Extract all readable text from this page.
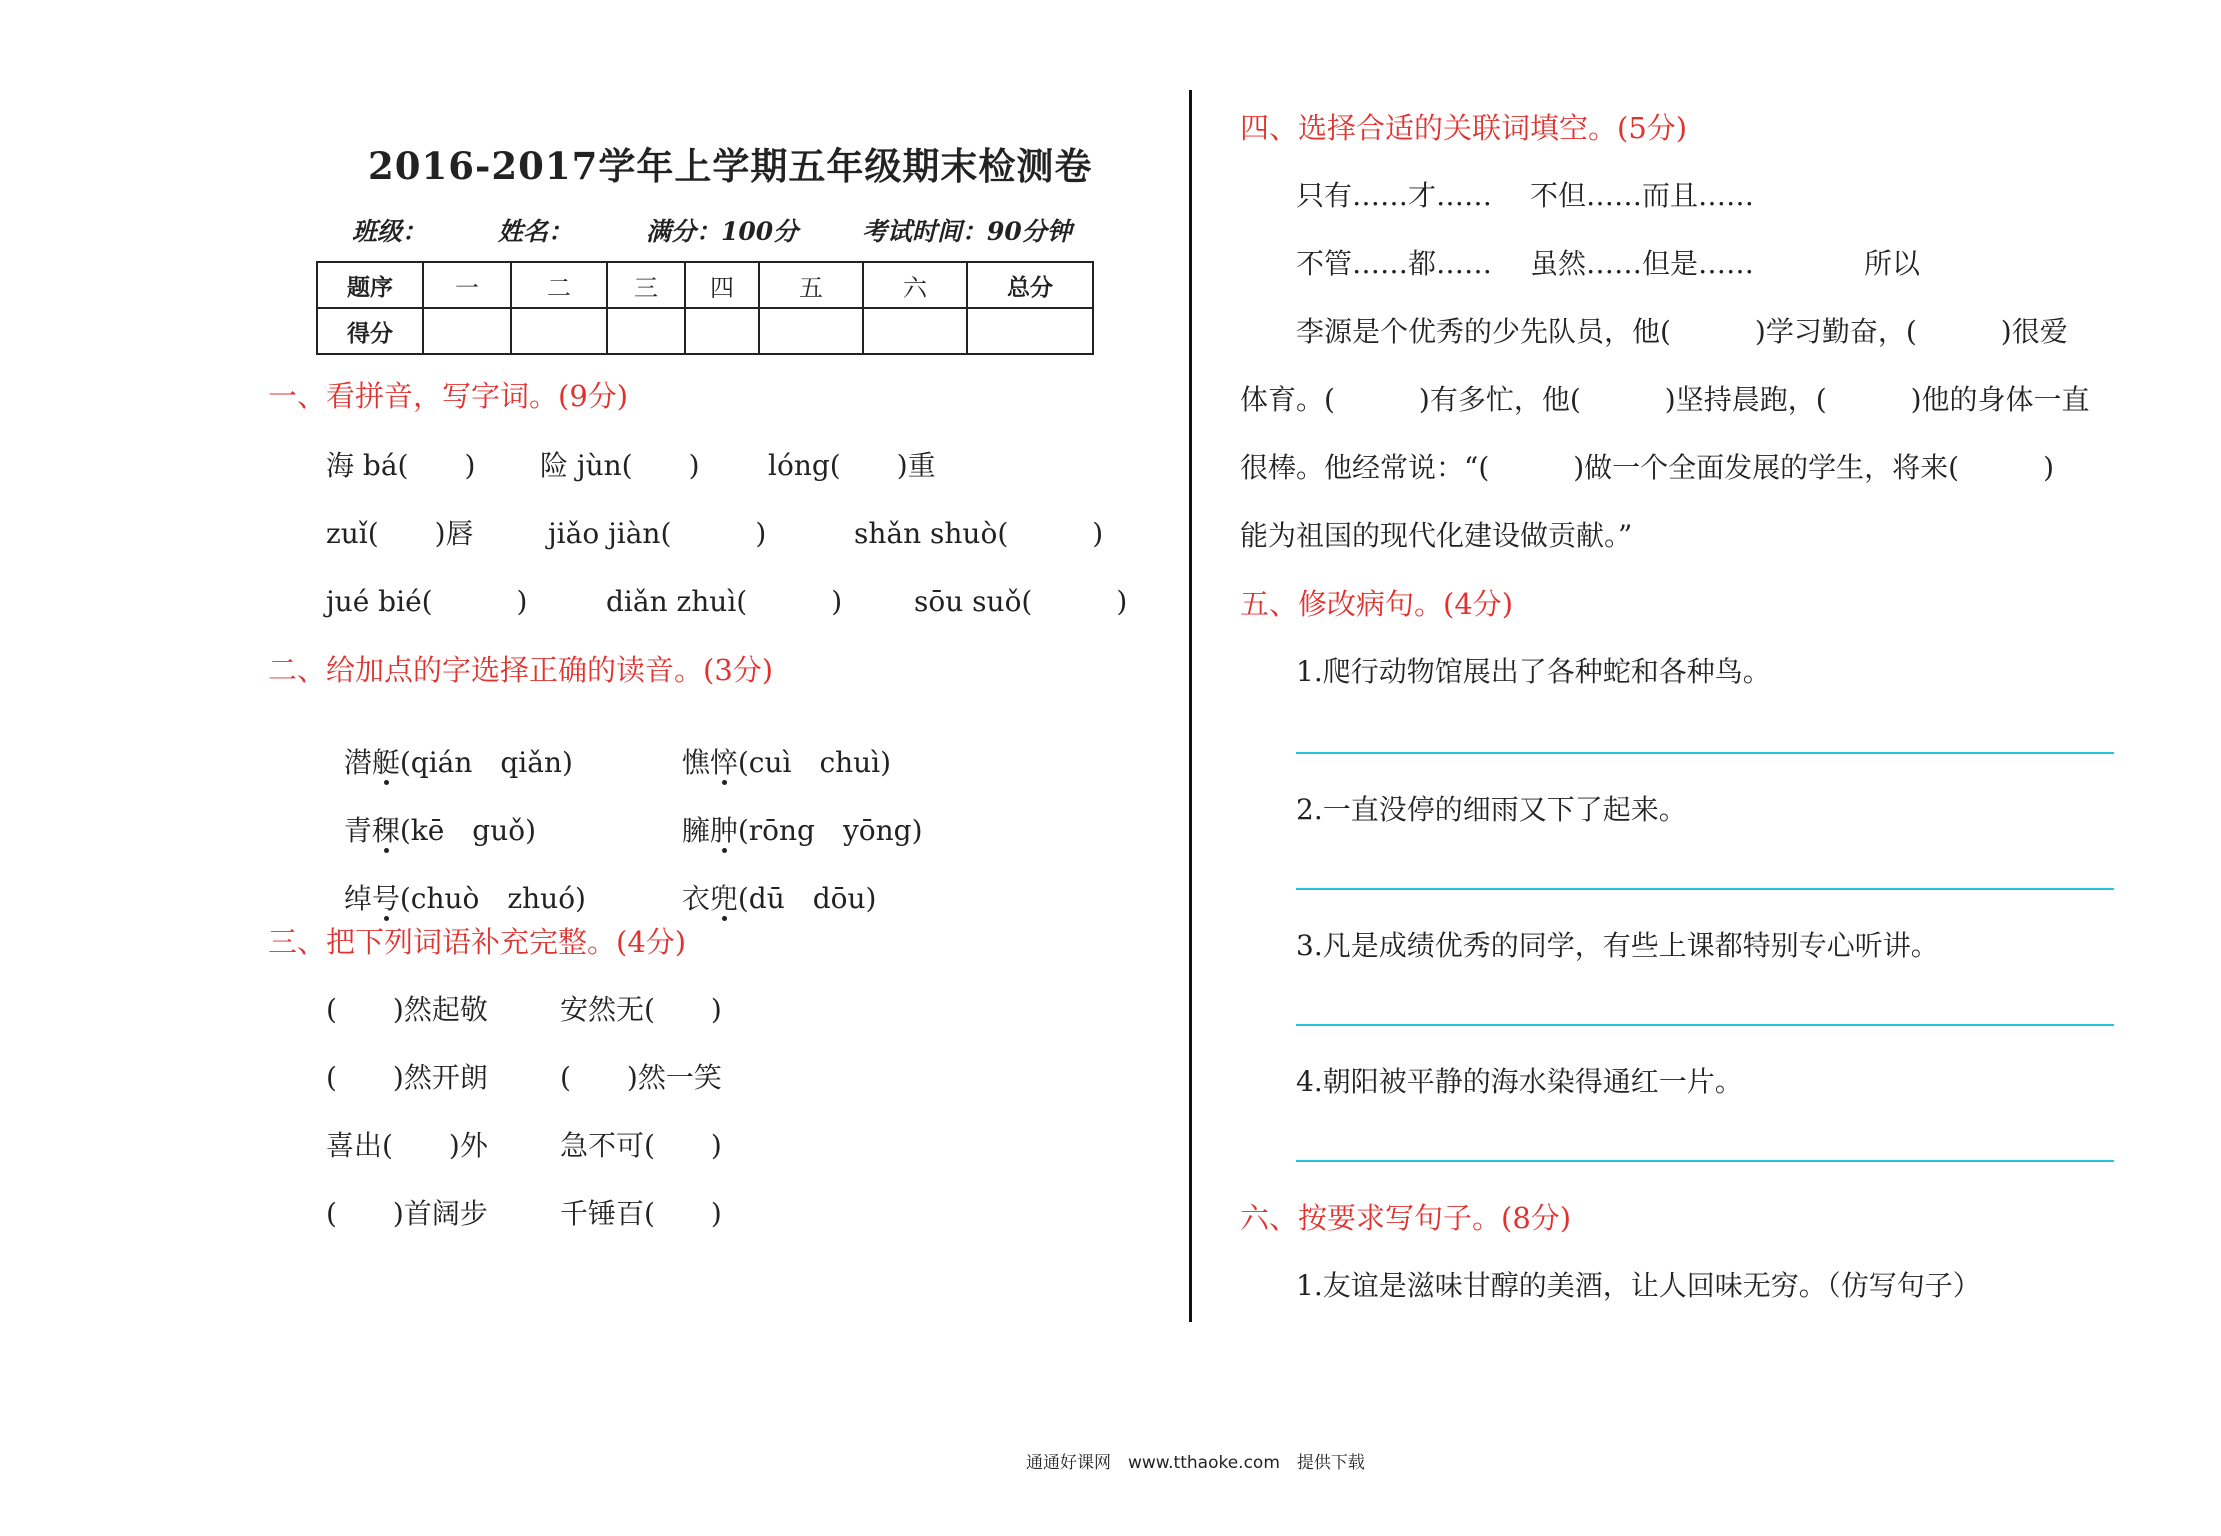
2016-2017学年上学期五年级期末检测卷
班级：	姓名：	满分：100分	考试时间：90分钟
题序	一	二	三	四	五	六	总分
得分							
一、看拼音，写字词。(9分)
海 bá(　　) 险 jùn(　　) lóng(　　)重
zuǐ(　　)唇	jiǎo jiàn(　　　)	shǎn shuò(　　　)
jué bié(　　　)	diǎn zhuì(　　　)	sōu suǒ(　　　)
二、给加点的字选择正确的读音。(3分)

潜艇(qián　qiǎn)	憔悴(cuì　chuì)

青稞(kē　guǒ)	臃肿(rōng　yōng)

绰号(chuò　zhuó)	衣兜(dū　dōu)

三、把下列词语补充完整。(4分)
(　　)然起敬	安然无(　　)
(　　)然开朗	(　　)然一笑
喜出(　　)外	急不可(　　)
(　　)首阔步	千锤百(　　)
四、选择合适的关联词填空。(5分)
只有……才…… 不但……而且……
不管……都…… 虽然……但是……	所以
李源是个优秀的少先队员，他(　　　)学习勤奋，(　　　)很爱
体育。(　　　)有多忙，他(　　　)坚持晨跑，(　　　)他的身体一直
很棒。他经常说：“(　　　)做一个全面发展的学生，将来(　　　)
能为祖国的现代化建设做贡献。”
五、修改病句。(4分)
1.爬行动物馆展出了各种蛇和各种鸟。
2.一直没停的细雨又下了起来。
3.凡是成绩优秀的同学，有些上课都特别专心听讲。
4.朝阳被平静的海水染得通红一片。
六、按要求写句子。(8分)
1.友谊是滋味甘醇的美酒，让人回味无穷。（仿写句子）
通通好课网　www.tthaoke.com　提供下载
